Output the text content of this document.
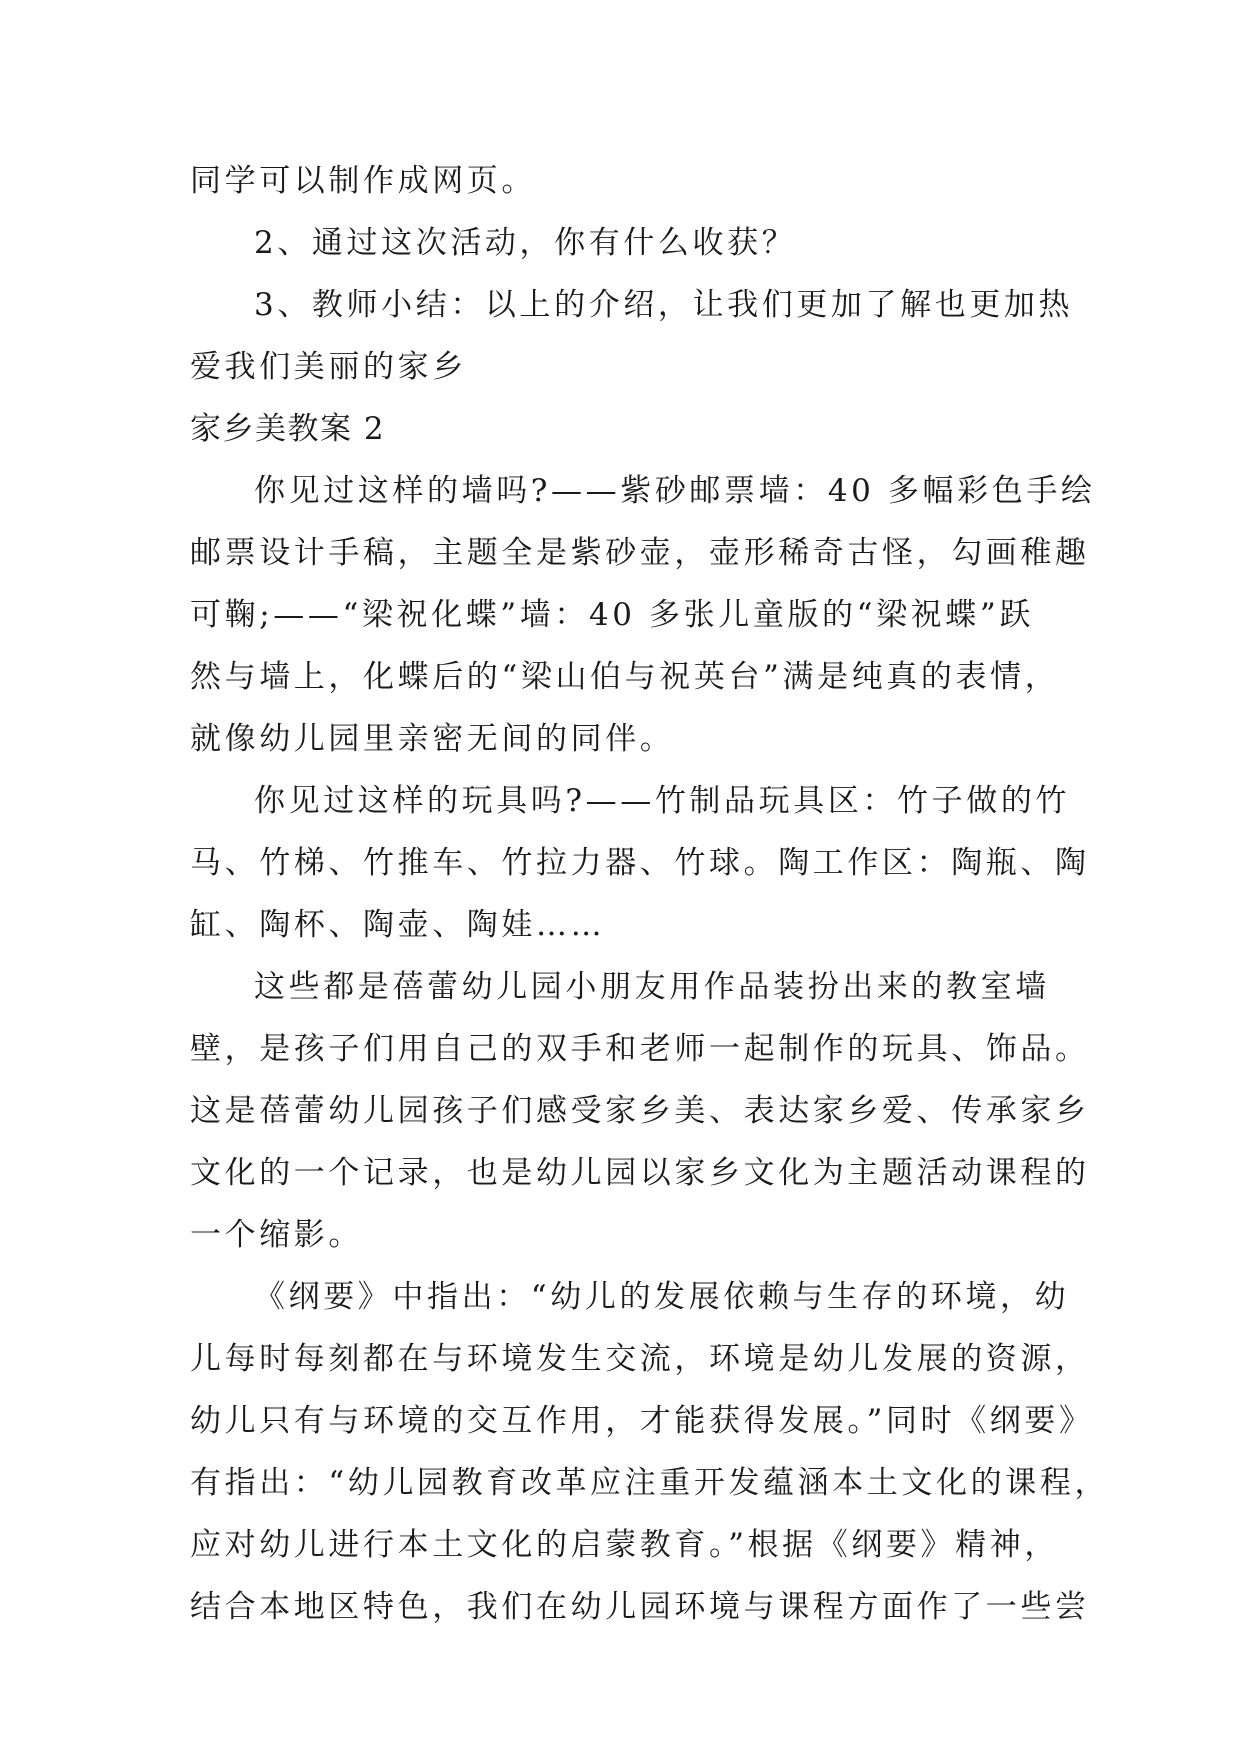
同学可以制作成网页。
2、通过这次活动，你有什么收获？
3、教师小结：以上的介绍，让我们更加了解也更加热
爱我们美丽的家乡
家乡美教案 2
你见过这样的墙吗?——紫砂邮票墙：40 多幅彩色手绘
邮票设计手稿，主题全是紫砂壶，壶形稀奇古怪，勾画稚趣
可鞠;——“梁祝化蝶”墙：40 多张儿童版的“梁祝蝶”跃
然与墙上，化蝶后的“梁山伯与祝英台”满是纯真的表情，
就像幼儿园里亲密无间的同伴。
你见过这样的玩具吗?——竹制品玩具区：竹子做的竹
马、竹梯、竹推车、竹拉力器、竹球。陶工作区：陶瓶、陶
缸、陶杯、陶壶、陶娃……
这些都是蓓蕾幼儿园小朋友用作品装扮出来的教室墙
壁，是孩子们用自己的双手和老师一起制作的玩具、饰品。
这是蓓蕾幼儿园孩子们感受家乡美、表达家乡爱、传承家乡
文化的一个记录，也是幼儿园以家乡文化为主题活动课程的
一个缩影。
《纲要》中指出：“幼儿的发展依赖与生存的环境，幼
儿每时每刻都在与环境发生交流，环境是幼儿发展的资源，
幼儿只有与环境的交互作用，才能获得发展。”同时《纲要》
有指出：“幼儿园教育改革应注重开发蕴涵本土文化的课程，
应对幼儿进行本土文化的启蒙教育。”根据《纲要》精神，
结合本地区特色，我们在幼儿园环境与课程方面作了一些尝
